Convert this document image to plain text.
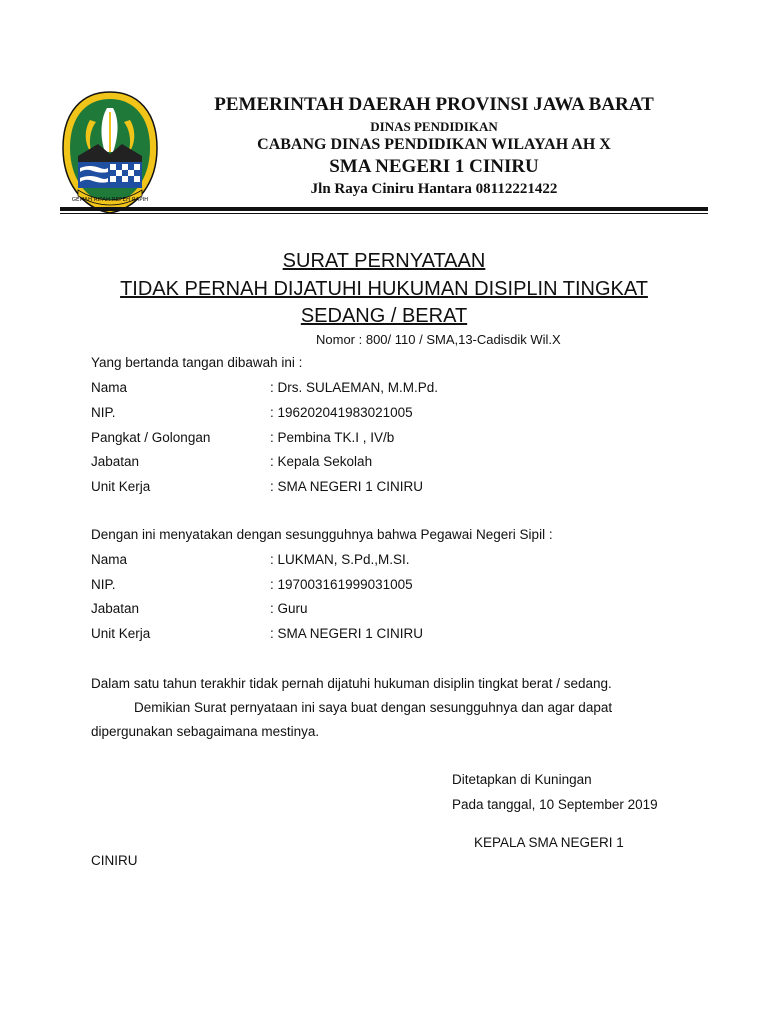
GEMAH RIPAH REPEH RAPIH
PEMERINTAH DAERAH PROVINSI JAWA BARAT
DINAS PENDIDIKAN
CABANG DINAS PENDIDIKAN WILAYAH AH X
SMA NEGERI 1 CINIRU
Jln Raya Ciniru Hantara 08112221422
SURAT PERNYATAAN
TIDAK PERNAH DIJATUHI HUKUMAN DISIPLIN TINGKAT
SEDANG / BERAT
Nomor : 800/ 110 / SMA,13-Cadisdik Wil.X
Yang bertanda tangan dibawah ini :
Nama	: Drs. SULAEMAN, M.M.Pd.
NIP.	: 196202041983021005
Pangkat / Golongan	: Pembina TK.I , IV/b
Jabatan	: Kepala Sekolah
Unit Kerja	: SMA NEGERI 1 CINIRU
Dengan ini menyatakan dengan sesungguhnya bahwa Pegawai Negeri Sipil :
Nama	: LUKMAN, S.Pd.,M.SI.
NIP.	: 197003161999031005
Jabatan	: Guru
Unit Kerja	: SMA NEGERI 1 CINIRU
Dalam satu tahun terakhir tidak pernah dijatuhi hukuman disiplin tingkat berat / sedang.
Demikian Surat pernyataan ini saya buat dengan sesungguhnya dan agar dapat
dipergunakan sebagaimana mestinya.
Ditetapkan di Kuningan
Pada tanggal, 10 September 2019
KEPALA SMA NEGERI 1
CINIRU
